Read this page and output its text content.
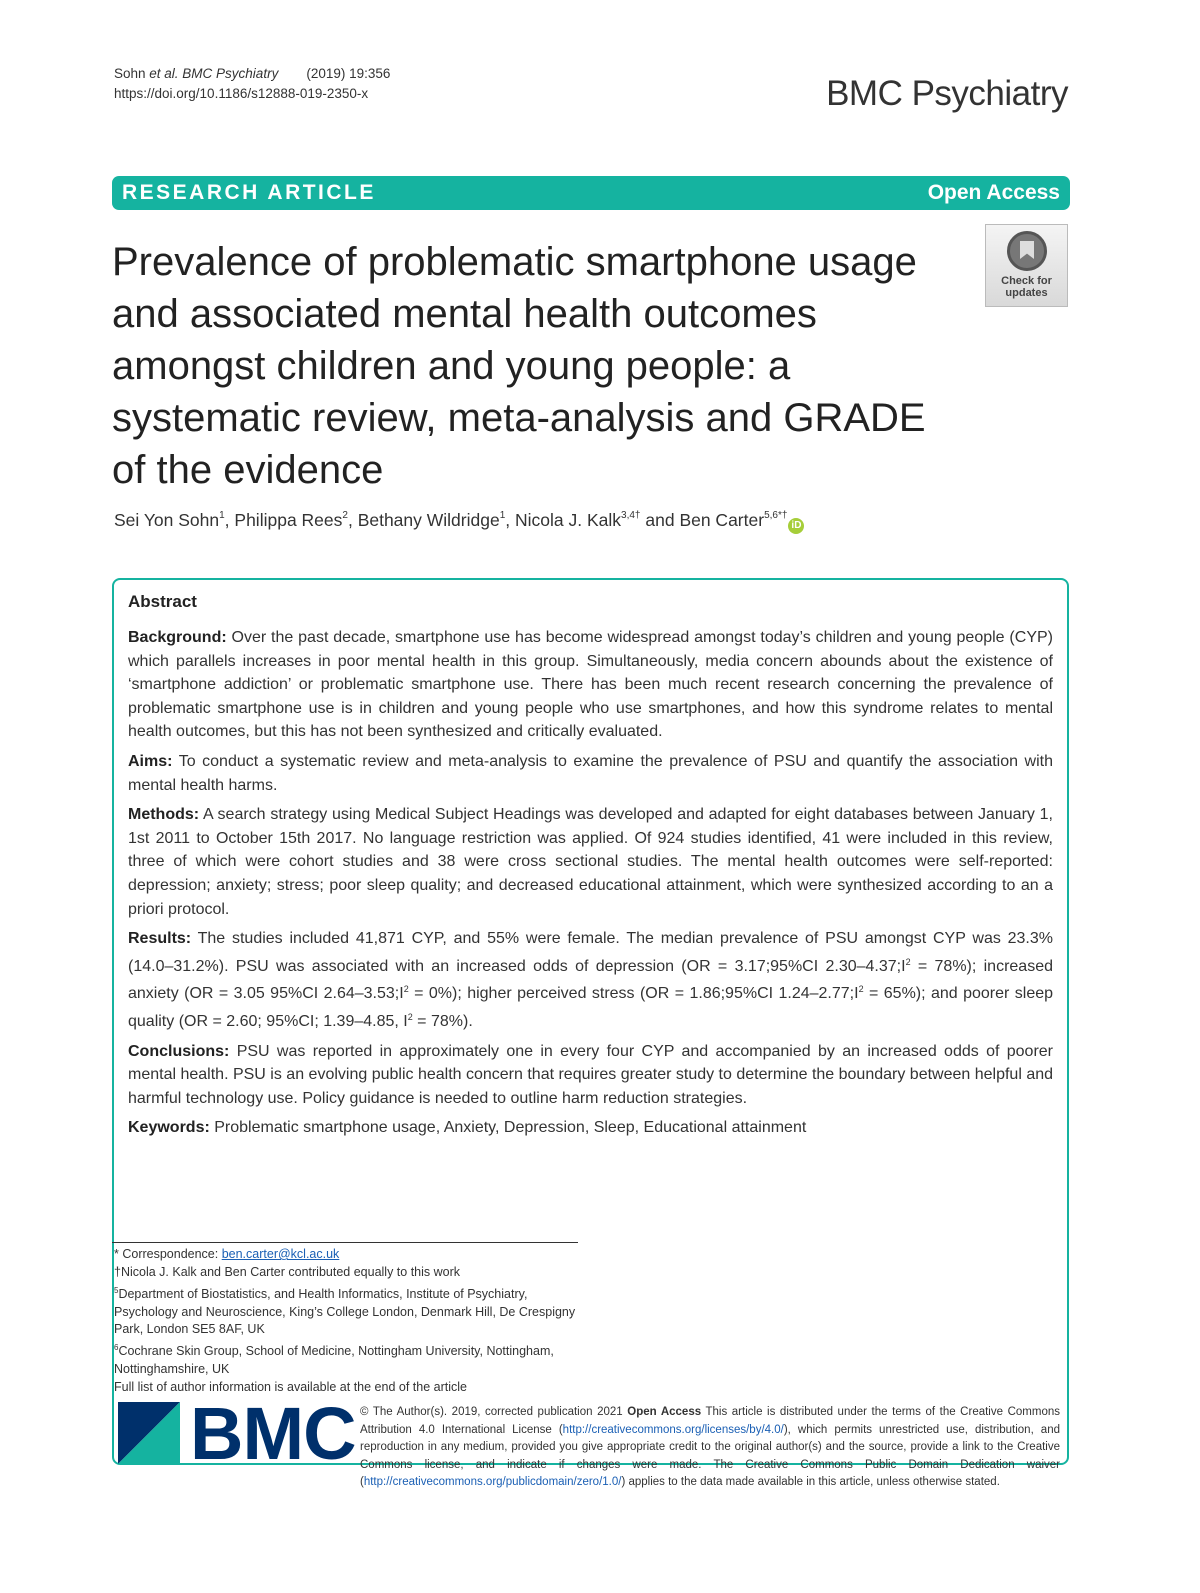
Sohn et al. BMC Psychiatry (2019) 19:356
https://doi.org/10.1186/s12888-019-2350-x	BMC Psychiatry
RESEARCH ARTICLE	Open Access
Prevalence of problematic smartphone usage and associated mental health outcomes amongst children and young people: a systematic review, meta-analysis and GRADE of the evidence
Check for
updates
Sei Yon Sohn$^1$, Philippa Rees$^2$, Bethany Wildridge$^1$, Nicola J. Kalk$^{3,4\dagger}$ and Ben Carter$^{5,6*\dagger}$iD
Abstract

Background: Over the past decade, smartphone use has become widespread amongst today’s children and young people (CYP) which parallels increases in poor mental health in this group. Simultaneously, media concern abounds about the existence of ‘smartphone addiction’ or problematic smartphone use. There has been much recent research concerning the prevalence of problematic smartphone use is in children and young people who use smartphones, and how this syndrome relates to mental health outcomes, but this has not been synthesized and critically evaluated.

Aims: To conduct a systematic review and meta-analysis to examine the prevalence of PSU and quantify the association with mental health harms.

Methods: A search strategy using Medical Subject Headings was developed and adapted for eight databases between January 1, 1st 2011 to October 15th 2017. No language restriction was applied. Of 924 studies identified, 41 were included in this review, three of which were cohort studies and 38 were cross sectional studies. The mental health outcomes were self-reported: depression; anxiety; stress; poor sleep quality; and decreased educational attainment, which were synthesized according to an a priori protocol.

Results: The studies included 41,871 CYP, and 55% were female. The median prevalence of PSU amongst CYP was 23.3% (14.0–31.2%). PSU was associated with an increased odds of depression (OR = 3.17;95%CI $2.30-4.37;I^2 = 78\%$); increased anxiety (OR = 3.05 95%CI $2.64-3.53;I^2 = 0\%$); higher perceived stress (OR = 1.86;95%CI $1.24-2.77;I^2 = 65\%$); and poorer sleep quality (OR = 2.60; 95%CI; 1.39–4.85, $I^2 = 78\%$).

Conclusions: PSU was reported in approximately one in every four CYP and accompanied by an increased odds of poorer mental health. PSU is an evolving public health concern that requires greater study to determine the boundary between helpful and harmful technology use. Policy guidance is needed to outline harm reduction strategies.

Keywords: Problematic smartphone usage, Anxiety, Depression, Sleep, Educational attainment

* Correspondence: ben.carter@kcl.ac.uk

†Nicola J. Kalk and Ben Carter contributed equally to this work

$^5$Department of Biostatistics, and Health Informatics, Institute of Psychiatry, Psychology and Neuroscience, King’s College London, Denmark Hill, De Crespigny Park, London SE5 8AF, UK

$^6$Cochrane Skin Group, School of Medicine, Nottingham University, Nottingham, Nottinghamshire, UK

Full list of author information is available at the end of the article

BMC © The Author(s). 2019, corrected publication 2021 Open Access This article is distributed under the terms of the Creative Commons Attribution 4.0 International License (http://creativecommons.org/licenses/by/4.0/), which permits unrestricted use, distribution, and reproduction in any medium, provided you give appropriate credit to the original author(s) and the source, provide a link to the Creative Commons license, and indicate if changes were made. The Creative Commons Public Domain Dedication waiver (http://creativecommons.org/publicdomain/zero/1.0/) applies to the data made available in this article, unless otherwise stated.
